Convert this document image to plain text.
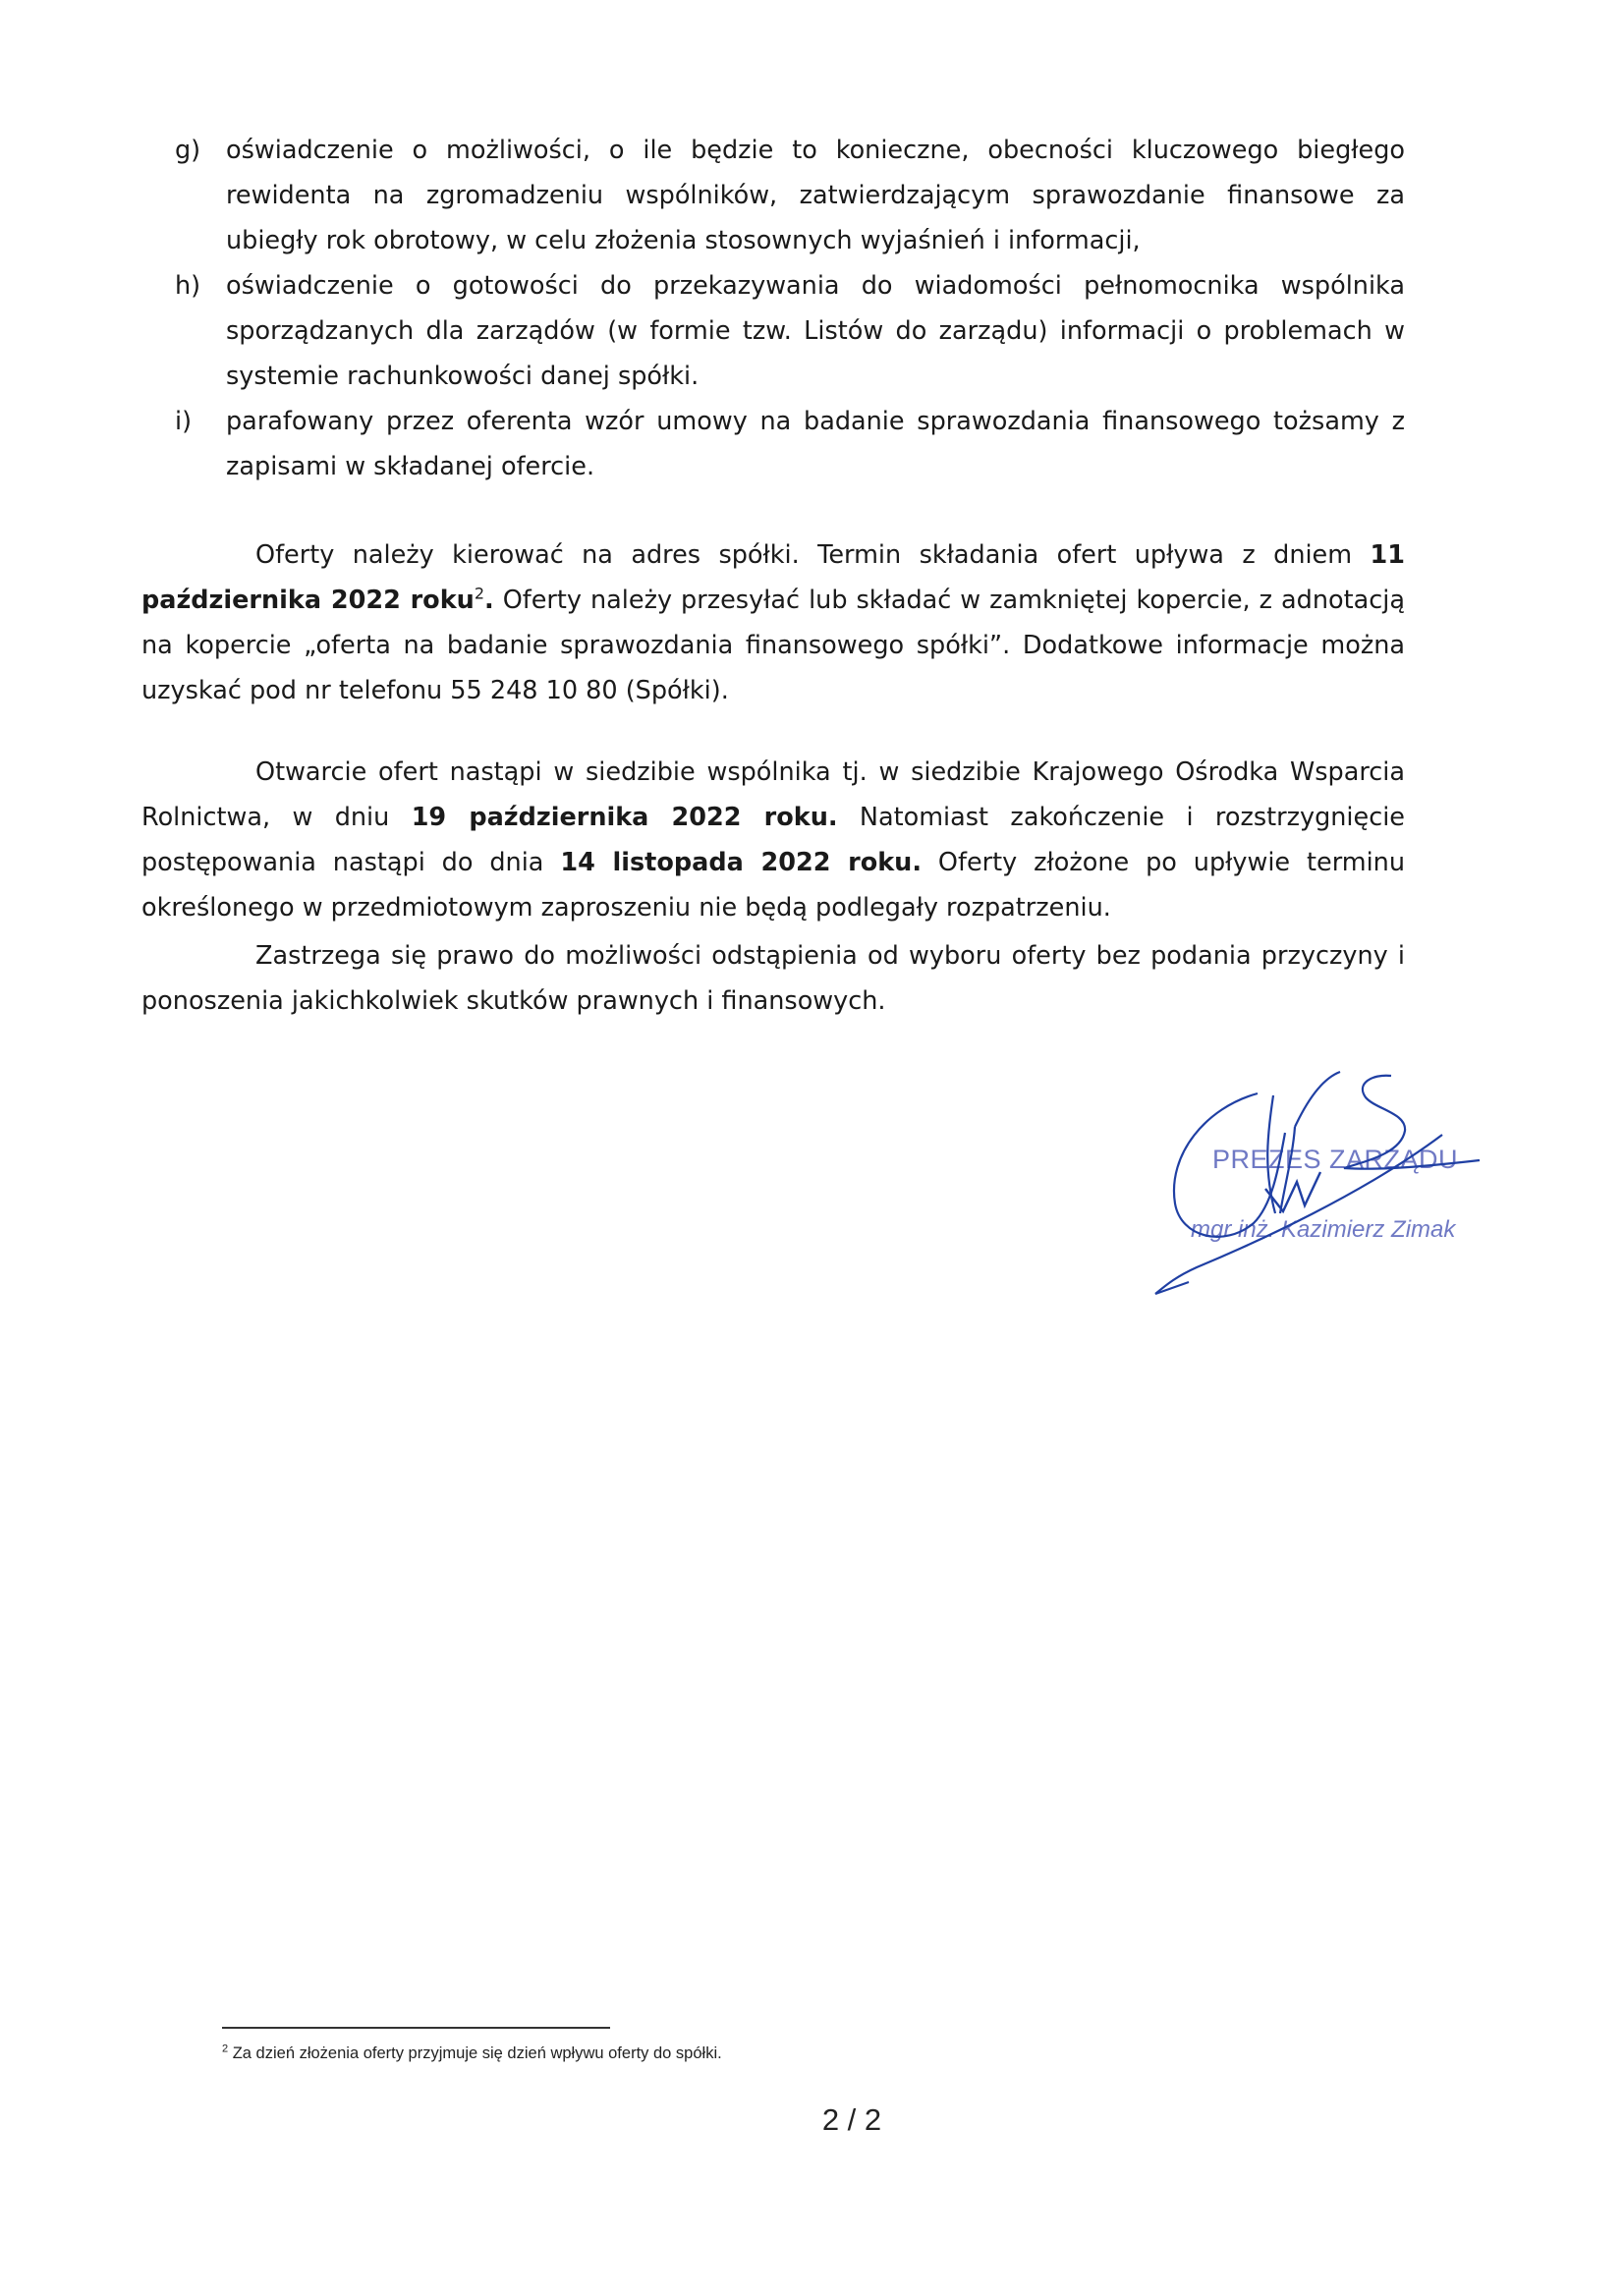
g)	oświadczenie o możliwości, o ile będzie to konieczne, obecności kluczowego biegłego rewidenta na zgromadzeniu wspólników, zatwierdzającym sprawozdanie finansowe za ubiegły rok obrotowy, w celu złożenia stosownych wyjaśnień i informacji,
h)	oświadczenie o gotowości do przekazywania do wiadomości pełnomocnika wspólnika sporządzanych dla zarządów (w formie tzw. Listów do zarządu) informacji o problemach w systemie rachunkowości danej spółki.
i)	parafowany przez oferenta wzór umowy na badanie sprawozdania finansowego tożsamy z zapisami w składanej ofercie.

Oferty należy kierować na adres spółki. Termin składania ofert upływa z dniem 11 października 2022 roku$^2$. Oferty należy przesyłać lub składać w zamkniętej kopercie, z adnotacją na kopercie „oferta na badanie sprawozdania finansowego spółki”. Dodatkowe informacje można uzyskać pod nr telefonu 55 248 10 80 (Spółki).

Otwarcie ofert nastąpi w siedzibie wspólnika tj. w siedzibie Krajowego Ośrodka Wsparcia Rolnictwa, w dniu 19 października 2022 roku. Natomiast zakończenie i rozstrzygnięcie postępowania nastąpi do dnia 14 listopada 2022 roku. Oferty złożone po upływie terminu określonego w przedmiotowym zaproszeniu nie będą podlegały rozpatrzeniu.

Zastrzega się prawo do możliwości odstąpienia od wyboru oferty bez podania przyczyny i ponoszenia jakichkolwiek skutków prawnych i finansowych.

PREZES ZARZĄDU
mgr inż. Kazimierz Zimak
$^2$ Za dzień złożenia oferty przyjmuje się dzień wpływu oferty do spółki.
2 / 2
